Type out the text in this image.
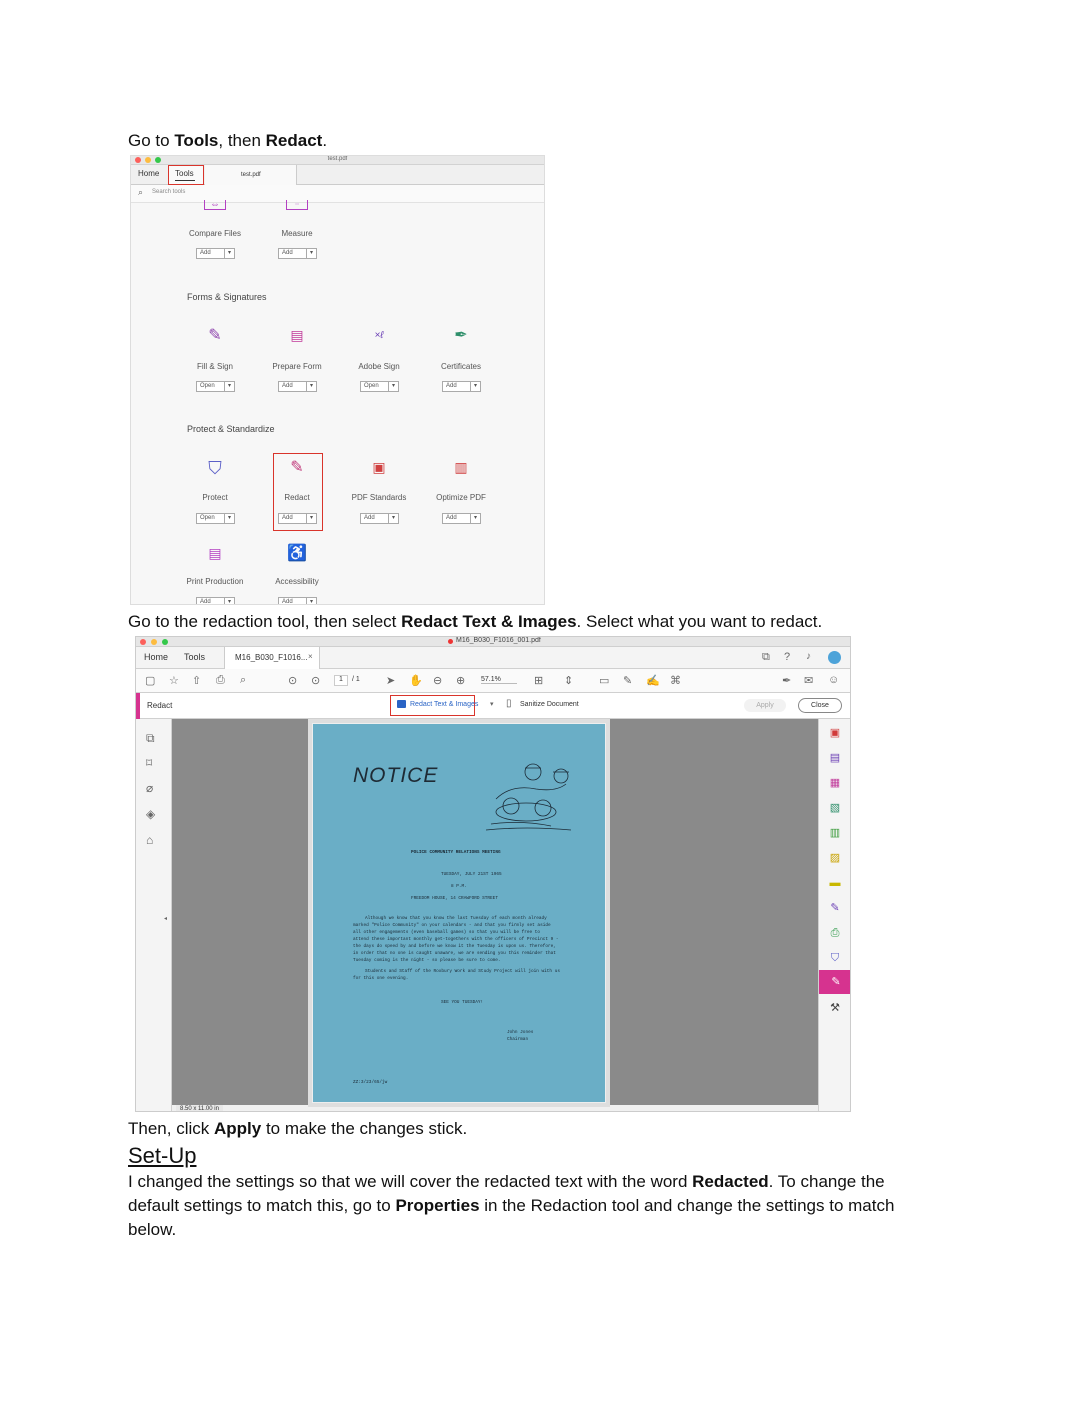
Go to Tools, then Redact.
test.pdf
Home Tools	test.pdf
⌕ Search tools
⇔	┄
Compare Files	Measure
Add	▾	Add	▾
Forms & Signatures
✎	▤	×ℓ	✒
Fill & Sign	Prepare Form	Adobe Sign	Certificates
Open	▾	Add	▾	Open	▾	Add	▾
Protect & Standardize
⛉	✎	▣	▥
Protect	Redact	PDF Standards	Optimize PDF
Open	▾	Add	▾	Add	▾	Add	▾
▤	♿
Print Production	Accessibility
Add	▾	Add	▾
Go to the redaction tool, then select Redact Text & Images. Select what you want to redact.
M16_B030_F1016_001.pdf
Home Tools	M16_B030_F1016... ×	⧉ ? ♪
▢ ☆ ⇧ ⎙ ⌕	⊙ ⊙	1	/ 1 ➤ ✋ ⊖ ⊕ 57.1%	⊞ ⇕ ▭ ✎ ✍ ⌘	✒ ✉ ☺
Redact	Redact Text & Images ▾ ▯ Sanitize Document	Apply	Close
⧉
⌑
⌀
◈
⌂
◂
NOTICE
POLICE COMMUNITY RELATIONS MEETING
TUESDAY, JULY 21ST 1965
8 P.M.
FREEDOM HOUSE, 14 CRAWFORD STREET
Although we know that you know the last Tuesday of each month already
marked "Police Community" on your calendars - and that you firmly set aside
all other engagements (even baseball games) so that you will be free to
attend these important monthly get-togethers with the officers of Precinct 9 -
the days do speed by and before we know it the Tuesday is upon us. Therefore,
in order that no one is caught unaware, we are sending you this reminder that
Tuesday coming is the night - so please be sure to come.
Students and Staff of the Roxbury Work and Study Project will join with us
for this one evening.
SEE YOU TUESDAY!
John Jones
Chairman
ZZ:3/23/65/jw
▣
▤
▦
▧
▥
▨
▬
✎
⎙
⛉
✎
⚒
8.50 x 11.00 in
Then, click Apply to make the changes stick.
Set-Up
I changed the settings so that we will cover the redacted text with the word Redacted. To change the
default settings to match this, go to Properties in the Redaction tool and change the settings to match
below.
